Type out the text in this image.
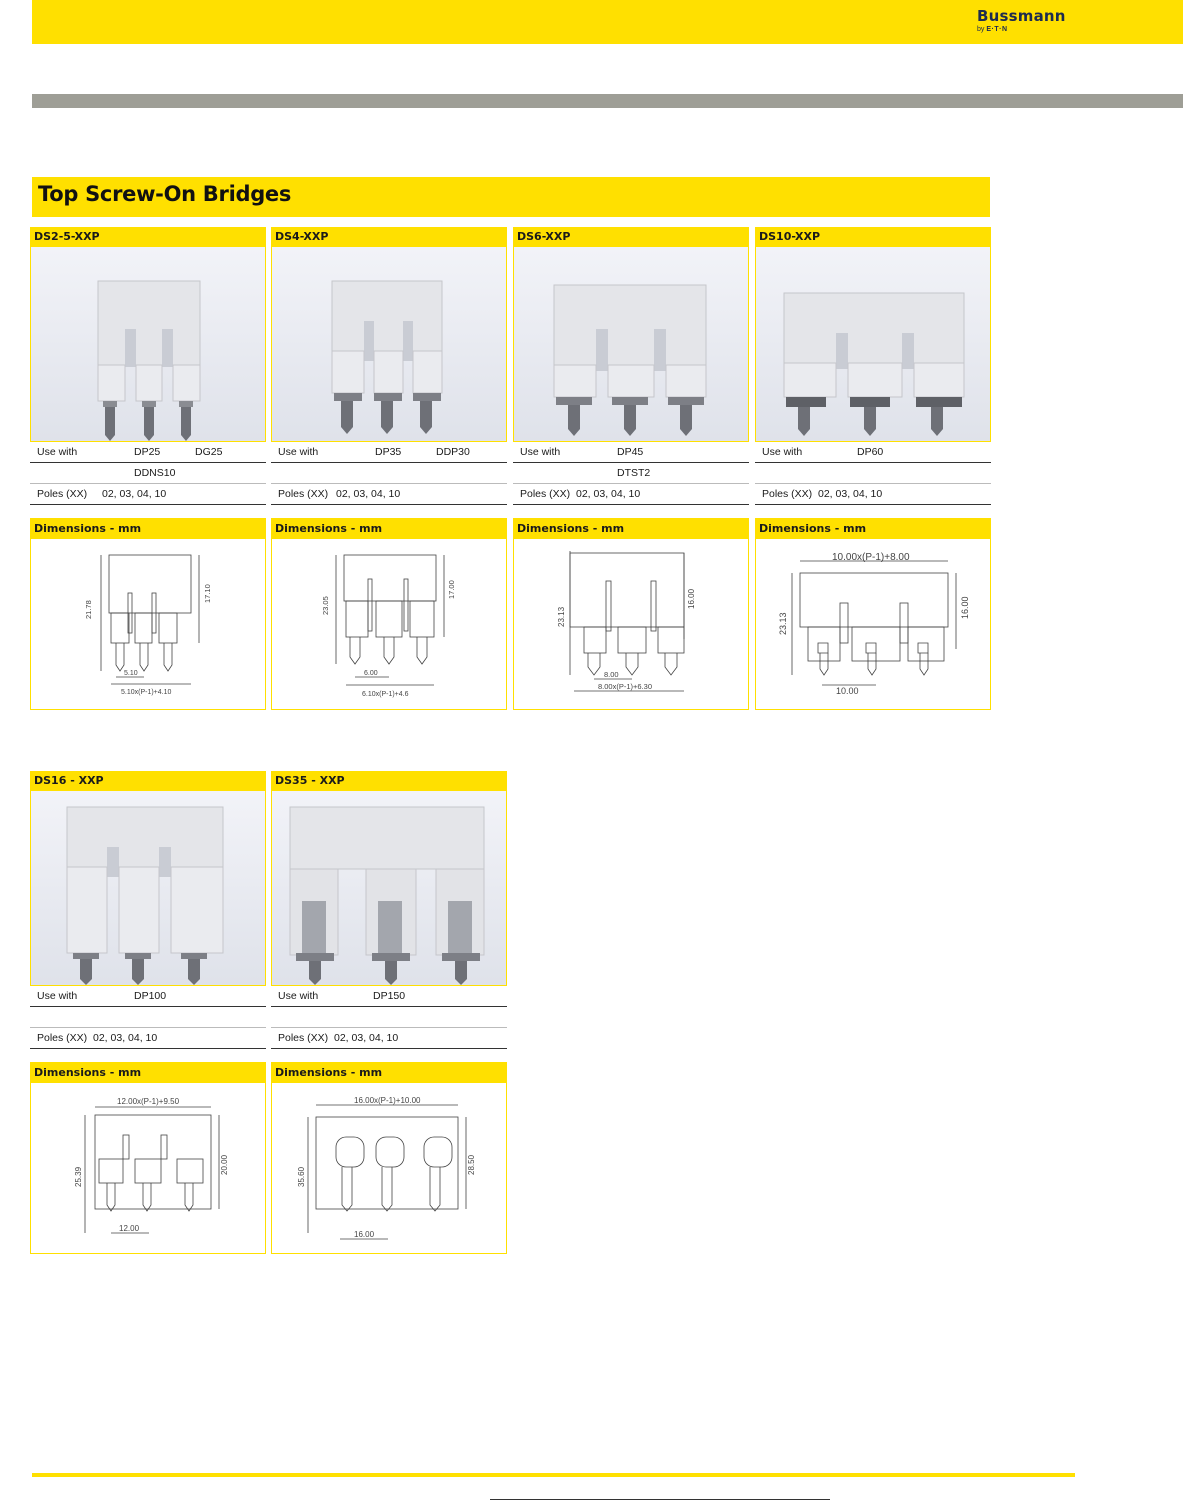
Bussmann
by E·T·N
Top Screw-On Bridges
DS2-5-XXP
Use with	DP25	DG25
DDNS10
Poles (XX) 02, 03, 04, 10
Dimensions - mm
21.78
17.10
5.10
5.10x(P-1)+4.10
DS4-XXP
Use with	DP35	DDP30
Poles (XX) 02, 03, 04, 10
Dimensions - mm
23.05
17.00
6.00
6.10x(P-1)+4.6
DS6-XXP
Use with	DP45
DTST2
Poles (XX) 02, 03, 04, 10
Dimensions - mm
23.13
16.00
8.00
8.00x(P-1)+6.30
DS10-XXP
Use with	DP60
Poles (XX) 02, 03, 04, 10
Dimensions - mm
10.00x(P-1)+8.00
23.13
16.00
10.00
DS16 - XXP
Use with	DP100
Poles (XX) 02, 03, 04, 10
Dimensions - mm
12.00x(P-1)+9.50
25.39
20.00
12.00
DS35 - XXP
Use with	DP150
Poles (XX) 02, 03, 04, 10
Dimensions - mm
16.00x(P-1)+10.00
35.60
28.50
16.00
